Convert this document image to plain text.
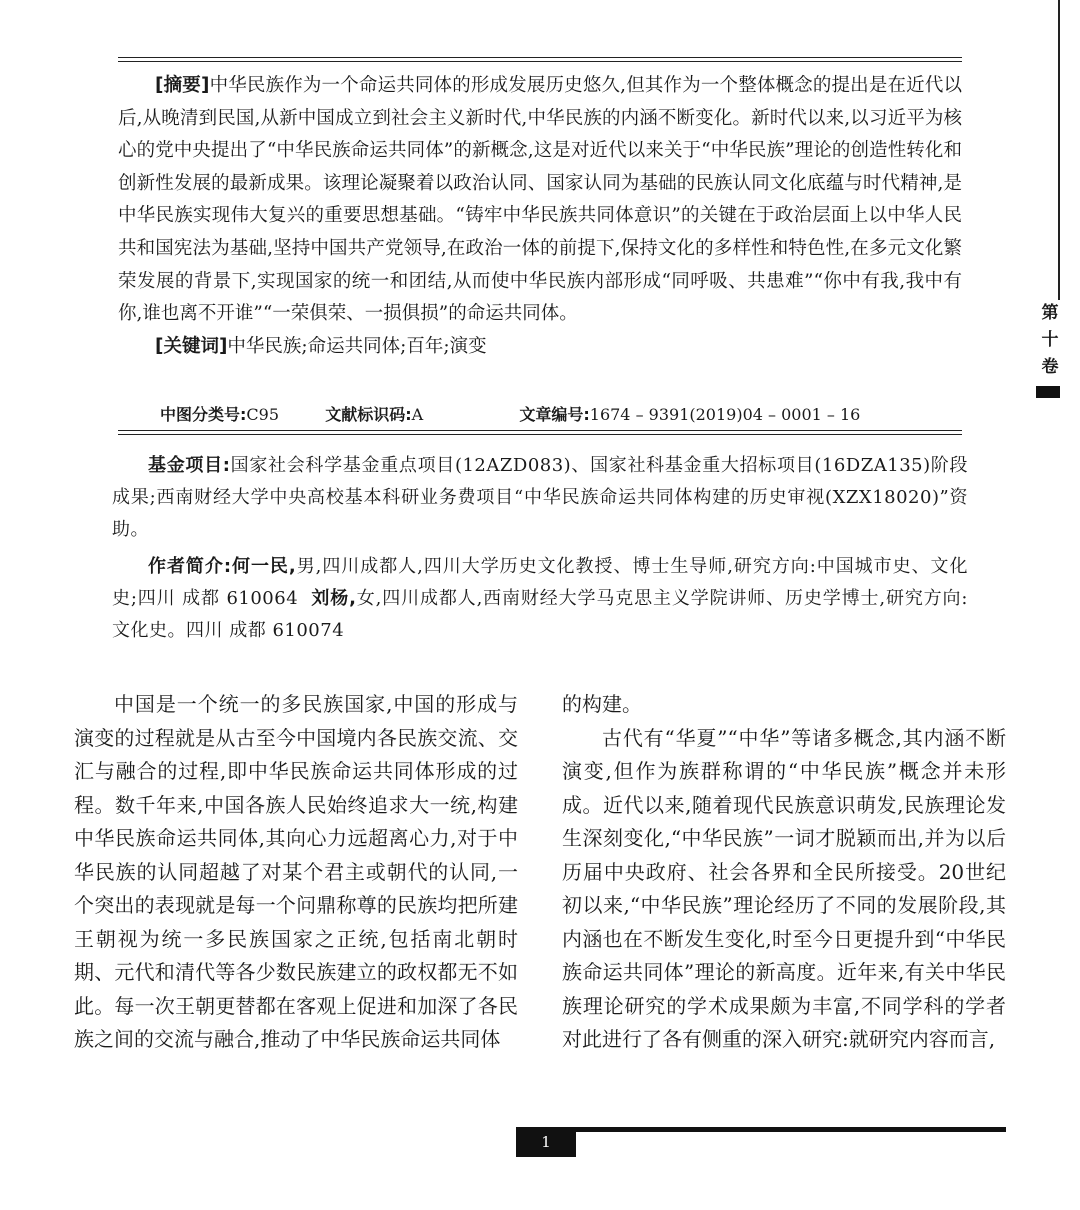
[摘要]中华民族作为一个命运共同体的形成发展历史悠久,但其作为一个整体概念的提出是在近代以后,从晚清到民国,从新中国成立到社会主义新时代,中华民族的内涵不断变化。新时代以来,以习近平为核心的党中央提出了“中华民族命运共同体”的新概念,这是对近代以来关于“中华民族”理论的创造性转化和创新性发展的最新成果。该理论凝聚着以政治认同、国家认同为基础的民族认同文化底蕴与时代精神,是中华民族实现伟大复兴的重要思想基础。“铸牢中华民族共同体意识”的关键在于政治层面上以中华人民共和国宪法为基础,坚持中国共产党领导,在政治一体的前提下,保持文化的多样性和特色性,在多元文化繁荣发展的背景下,实现国家的统一和团结,从而使中华民族内部形成“同呼吸、共患难”“你中有我,我中有你,谁也离不开谁”“一荣俱荣、一损俱损”的命运共同体。

[关键词]中华民族;命运共同体;百年;演变

中图分类号:C95	文献标识码:A	文章编号:1674 – 9391(2019)04 – 0001 – 16

基金项目:国家社会科学基金重点项目(12AZD083)、国家社科基金重大招标项目(16DZA135)阶段成果;西南财经大学中央高校基本科研业务费项目“中华民族命运共同体构建的历史审视(XZX18020)”资助。

作者简介:何一民,男,四川成都人,四川大学历史文化教授、博士生导师,研究方向:中国城市史、文化史;四川 成都 610064 刘杨,女,四川成都人,西南财经大学马克思主义学院讲师、历史学博士,研究方向:文化史。四川 成都 610074

中国是一个统一的多民族国家,中国的形成与演变的过程就是从古至今中国境内各民族交流、交汇与融合的过程,即中华民族命运共同体形成的过程。数千年来,中国各族人民始终追求大一统,构建中华民族命运共同体,其向心力远超离心力,对于中华民族的认同超越了对某个君主或朝代的认同,一个突出的表现就是每一个问鼎称尊的民族均把所建王朝视为统一多民族国家之正统,包括南北朝时期、元代和清代等各少数民族建立的政权都无不如此。每一次王朝更替都在客观上促进和加深了各民族之间的交流与融合,推动了中华民族命运共同体

的构建。

古代有“华夏”“中华”等诸多概念,其内涵不断演变,但作为族群称谓的“中华民族”概念并未形成。近代以来,随着现代民族意识萌发,民族理论发生深刻变化,“中华民族”一词才脱颖而出,并为以后历届中央政府、社会各界和全民所接受。20世纪初以来,“中华民族”理论经历了不同的发展阶段,其内涵也在不断发生变化,时至今日更提升到“中华民族命运共同体”理论的新高度。近年来,有关中华民族理论研究的学术成果颇为丰富,不同学科的学者对此进行了各有侧重的深入研究:就研究内容而言,

第
十
卷
1
